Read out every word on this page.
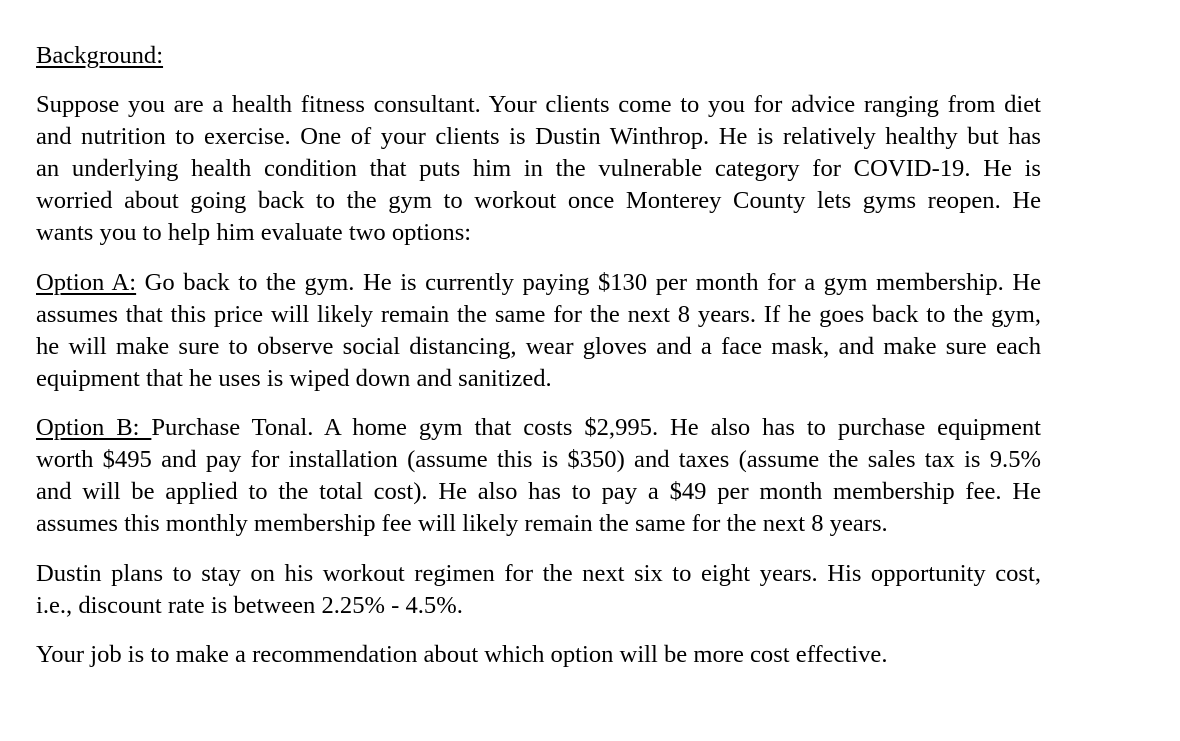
Background:
Suppose you are a health fitness consultant. Your clients come to you for advice ranging from diet
and nutrition to exercise. One of your clients is Dustin Winthrop. He is relatively healthy but has
an underlying health condition that puts him in the vulnerable category for COVID-19. He is
worried about going back to the gym to workout once Monterey County lets gyms reopen. He
wants you to help him evaluate two options:
Option A: Go back to the gym. He is currently paying $130 per month for a gym membership. He
assumes that this price will likely remain the same for the next 8 years. If he goes back to the gym,
he will make sure to observe social distancing, wear gloves and a face mask, and make sure each
equipment that he uses is wiped down and sanitized.
Option B: Purchase Tonal. A home gym that costs $2,995. He also has to purchase equipment
worth $495 and pay for installation (assume this is $350) and taxes (assume the sales tax is 9.5%
and will be applied to the total cost). He also has to pay a $49 per month membership fee. He
assumes this monthly membership fee will likely remain the same for the next 8 years.
Dustin plans to stay on his workout regimen for the next six to eight years. His opportunity cost,
i.e., discount rate is between 2.25% - 4.5%.
Your job is to make a recommendation about which option will be more cost effective.
